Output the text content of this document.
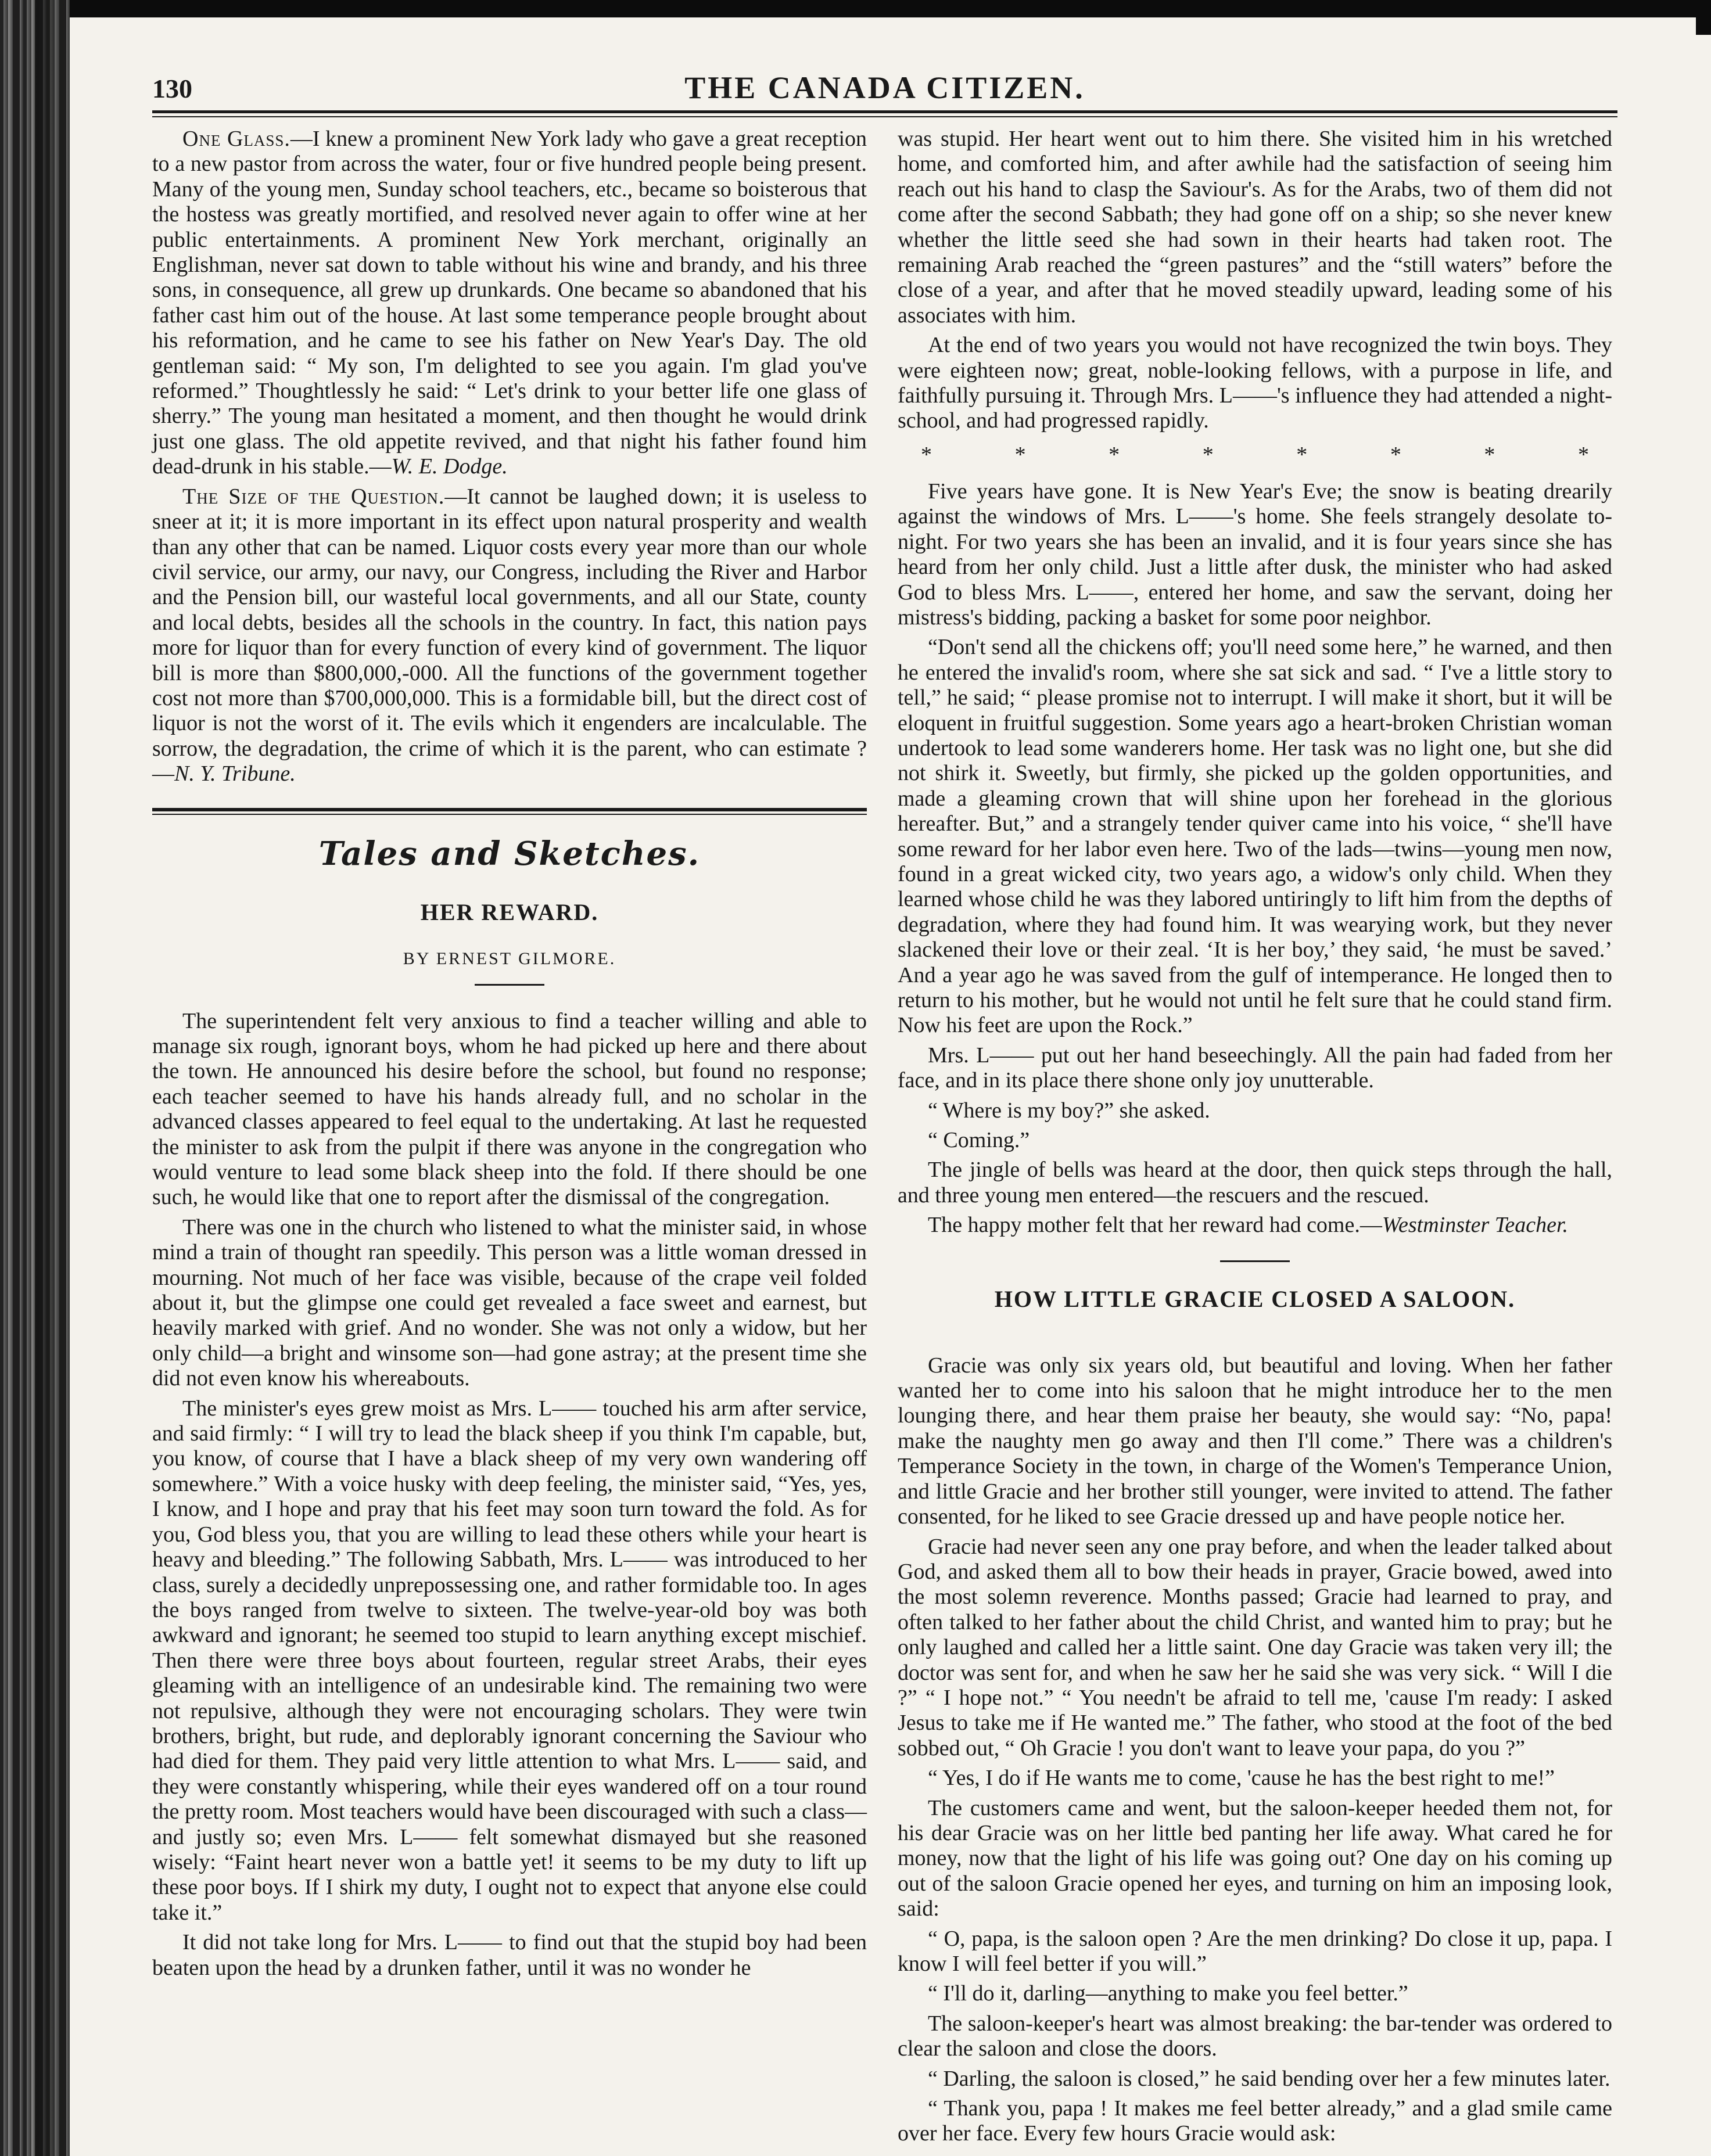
130	THE CANADA CITIZEN.

One Glass.—I knew a prominent New York lady who gave a great reception to a new pastor from across the water, four or five hundred people being present. Many of the young men, Sunday school teachers, etc., became so boisterous that the hostess was greatly mortified, and resolved never again to offer wine at her public entertainments. A prominent New York merchant, originally an Englishman, never sat down to table without his wine and brandy, and his three sons, in consequence, all grew up drunkards. One became so abandoned that his father cast him out of the house. At last some temperance people brought about his reformation, and he came to see his father on New Year's Day. The old gentleman said: “ My son, I'm delighted to see you again. I'm glad you've reformed.” Thoughtlessly he said: “ Let's drink to your better life one glass of sherry.” The young man hesitated a moment, and then thought he would drink just one glass. The old appetite revived, and that night his father found him dead-drunk in his stable.—W. E. Dodge.

The Size of the Question.—It cannot be laughed down; it is useless to sneer at it; it is more important in its effect upon natural prosperity and wealth than any other that can be named. Liquor costs every year more than our whole civil service, our army, our navy, our Congress, including the River and Harbor and the Pension bill, our wasteful local governments, and all our State, county and local debts, besides all the schools in the country. In fact, this nation pays more for liquor than for every function of every kind of government. The liquor bill is more than $800,000,-000. All the functions of the government together cost not more than $700,000,000. This is a formidable bill, but the direct cost of liquor is not the worst of it. The evils which it engenders are incalculable. The sorrow, the degradation, the crime of which it is the parent, who can estimate ?—N. Y. Tribune.

Tales and Sketches.
HER REWARD.
BY ERNEST GILMORE.

The superintendent felt very anxious to find a teacher willing and able to manage six rough, ignorant boys, whom he had picked up here and there about the town. He announced his desire before the school, but found no response; each teacher seemed to have his hands already full, and no scholar in the advanced classes appeared to feel equal to the undertaking. At last he requested the minister to ask from the pulpit if there was anyone in the congregation who would venture to lead some black sheep into the fold. If there should be one such, he would like that one to report after the dismissal of the congregation.

There was one in the church who listened to what the minister said, in whose mind a train of thought ran speedily. This person was a little woman dressed in mourning. Not much of her face was visible, because of the crape veil folded about it, but the glimpse one could get revealed a face sweet and earnest, but heavily marked with grief. And no wonder. She was not only a widow, but her only child—a bright and winsome son—had gone astray; at the present time she did not even know his whereabouts.

The minister's eyes grew moist as Mrs. L—— touched his arm after service, and said firmly: “ I will try to lead the black sheep if you think I'm capable, but, you know, of course that I have a black sheep of my very own wandering off somewhere.” With a voice husky with deep feeling, the minister said, “Yes, yes, I know, and I hope and pray that his feet may soon turn toward the fold. As for you, God bless you, that you are willing to lead these others while your heart is heavy and bleeding.” The following Sabbath, Mrs. L—— was introduced to her class, surely a decidedly unprepossessing one, and rather formidable too. In ages the boys ranged from twelve to sixteen. The twelve-year-old boy was both awkward and ignorant; he seemed too stupid to learn anything except mischief. Then there were three boys about fourteen, regular street Arabs, their eyes gleaming with an intelligence of an undesirable kind. The remaining two were not repulsive, although they were not encouraging scholars. They were twin brothers, bright, but rude, and deplorably ignorant concerning the Saviour who had died for them. They paid very little attention to what Mrs. L—— said, and they were constantly whispering, while their eyes wandered off on a tour round the pretty room. Most teachers would have been discouraged with such a class—and justly so; even Mrs. L—— felt somewhat dismayed but she reasoned wisely: “Faint heart never won a battle yet! it seems to be my duty to lift up these poor boys. If I shirk my duty, I ought not to expect that anyone else could take it.”

It did not take long for Mrs. L—— to find out that the stupid boy had been beaten upon the head by a drunken father, until it was no wonder he

was stupid. Her heart went out to him there. She visited him in his wretched home, and comforted him, and after awhile had the satisfaction of seeing him reach out his hand to clasp the Saviour's. As for the Arabs, two of them did not come after the second Sabbath; they had gone off on a ship; so she never knew whether the little seed she had sown in their hearts had taken root. The remaining Arab reached the “green pastures” and the “still waters” before the close of a year, and after that he moved steadily upward, leading some of his associates with him.

At the end of two years you would not have recognized the twin boys. They were eighteen now; great, noble-looking fellows, with a purpose in life, and faithfully pursuing it. Through Mrs. L——'s influence they had attended a night-school, and had progressed rapidly.

*	*	*	*	*	*	*	*

Five years have gone. It is New Year's Eve; the snow is beating drearily against the windows of Mrs. L——'s home. She feels strangely desolate to-night. For two years she has been an invalid, and it is four years since she has heard from her only child. Just a little after dusk, the minister who had asked God to bless Mrs. L——, entered her home, and saw the servant, doing her mistress's bidding, packing a basket for some poor neighbor.

“Don't send all the chickens off; you'll need some here,” he warned, and then he entered the invalid's room, where she sat sick and sad. “ I've a little story to tell,” he said; “ please promise not to interrupt. I will make it short, but it will be eloquent in fruitful suggestion. Some years ago a heart-broken Christian woman undertook to lead some wanderers home. Her task was no light one, but she did not shirk it. Sweetly, but firmly, she picked up the golden opportunities, and made a gleaming crown that will shine upon her forehead in the glorious hereafter. But,” and a strangely tender quiver came into his voice, “ she'll have some reward for her labor even here. Two of the lads—twins—young men now, found in a great wicked city, two years ago, a widow's only child. When they learned whose child he was they labored untiringly to lift him from the depths of degradation, where they had found him. It was wearying work, but they never slackened their love or their zeal. ‘It is her boy,’ they said, ‘he must be saved.’ And a year ago he was saved from the gulf of intemperance. He longed then to return to his mother, but he would not until he felt sure that he could stand firm. Now his feet are upon the Rock.”

Mrs. L—— put out her hand beseechingly. All the pain had faded from her face, and in its place there shone only joy unutterable.

“ Where is my boy?” she asked.

“ Coming.”

The jingle of bells was heard at the door, then quick steps through the hall, and three young men entered—the rescuers and the rescued.

The happy mother felt that her reward had come.—Westminster Teacher.

HOW LITTLE GRACIE CLOSED A SALOON.

Gracie was only six years old, but beautiful and loving. When her father wanted her to come into his saloon that he might introduce her to the men lounging there, and hear them praise her beauty, she would say: “No, papa! make the naughty men go away and then I'll come.” There was a children's Temperance Society in the town, in charge of the Women's Temperance Union, and little Gracie and her brother still younger, were invited to attend. The father consented, for he liked to see Gracie dressed up and have people notice her.

Gracie had never seen any one pray before, and when the leader talked about God, and asked them all to bow their heads in prayer, Gracie bowed, awed into the most solemn reverence. Months passed; Gracie had learned to pray, and often talked to her father about the child Christ, and wanted him to pray; but he only laughed and called her a little saint. One day Gracie was taken very ill; the doctor was sent for, and when he saw her he said she was very sick. “ Will I die ?” “ I hope not.” “ You needn't be afraid to tell me, 'cause I'm ready: I asked Jesus to take me if He wanted me.” The father, who stood at the foot of the bed sobbed out, “ Oh Gracie ! you don't want to leave your papa, do you ?”

“ Yes, I do if He wants me to come, 'cause he has the best right to me!”

The customers came and went, but the saloon-keeper heeded them not, for his dear Gracie was on her little bed panting her life away. What cared he for money, now that the light of his life was going out? One day on his coming up out of the saloon Gracie opened her eyes, and turning on him an imposing look, said:

“ O, papa, is the saloon open ? Are the men drinking? Do close it up, papa. I know I will feel better if you will.”

“ I'll do it, darling—anything to make you feel better.”

The saloon-keeper's heart was almost breaking: the bar-tender was ordered to clear the saloon and close the doors.

“ Darling, the saloon is closed,” he said bending over her a few minutes later.

“ Thank you, papa ! It makes me feel better already,” and a glad smile came over her face. Every few hours Gracie would ask:
